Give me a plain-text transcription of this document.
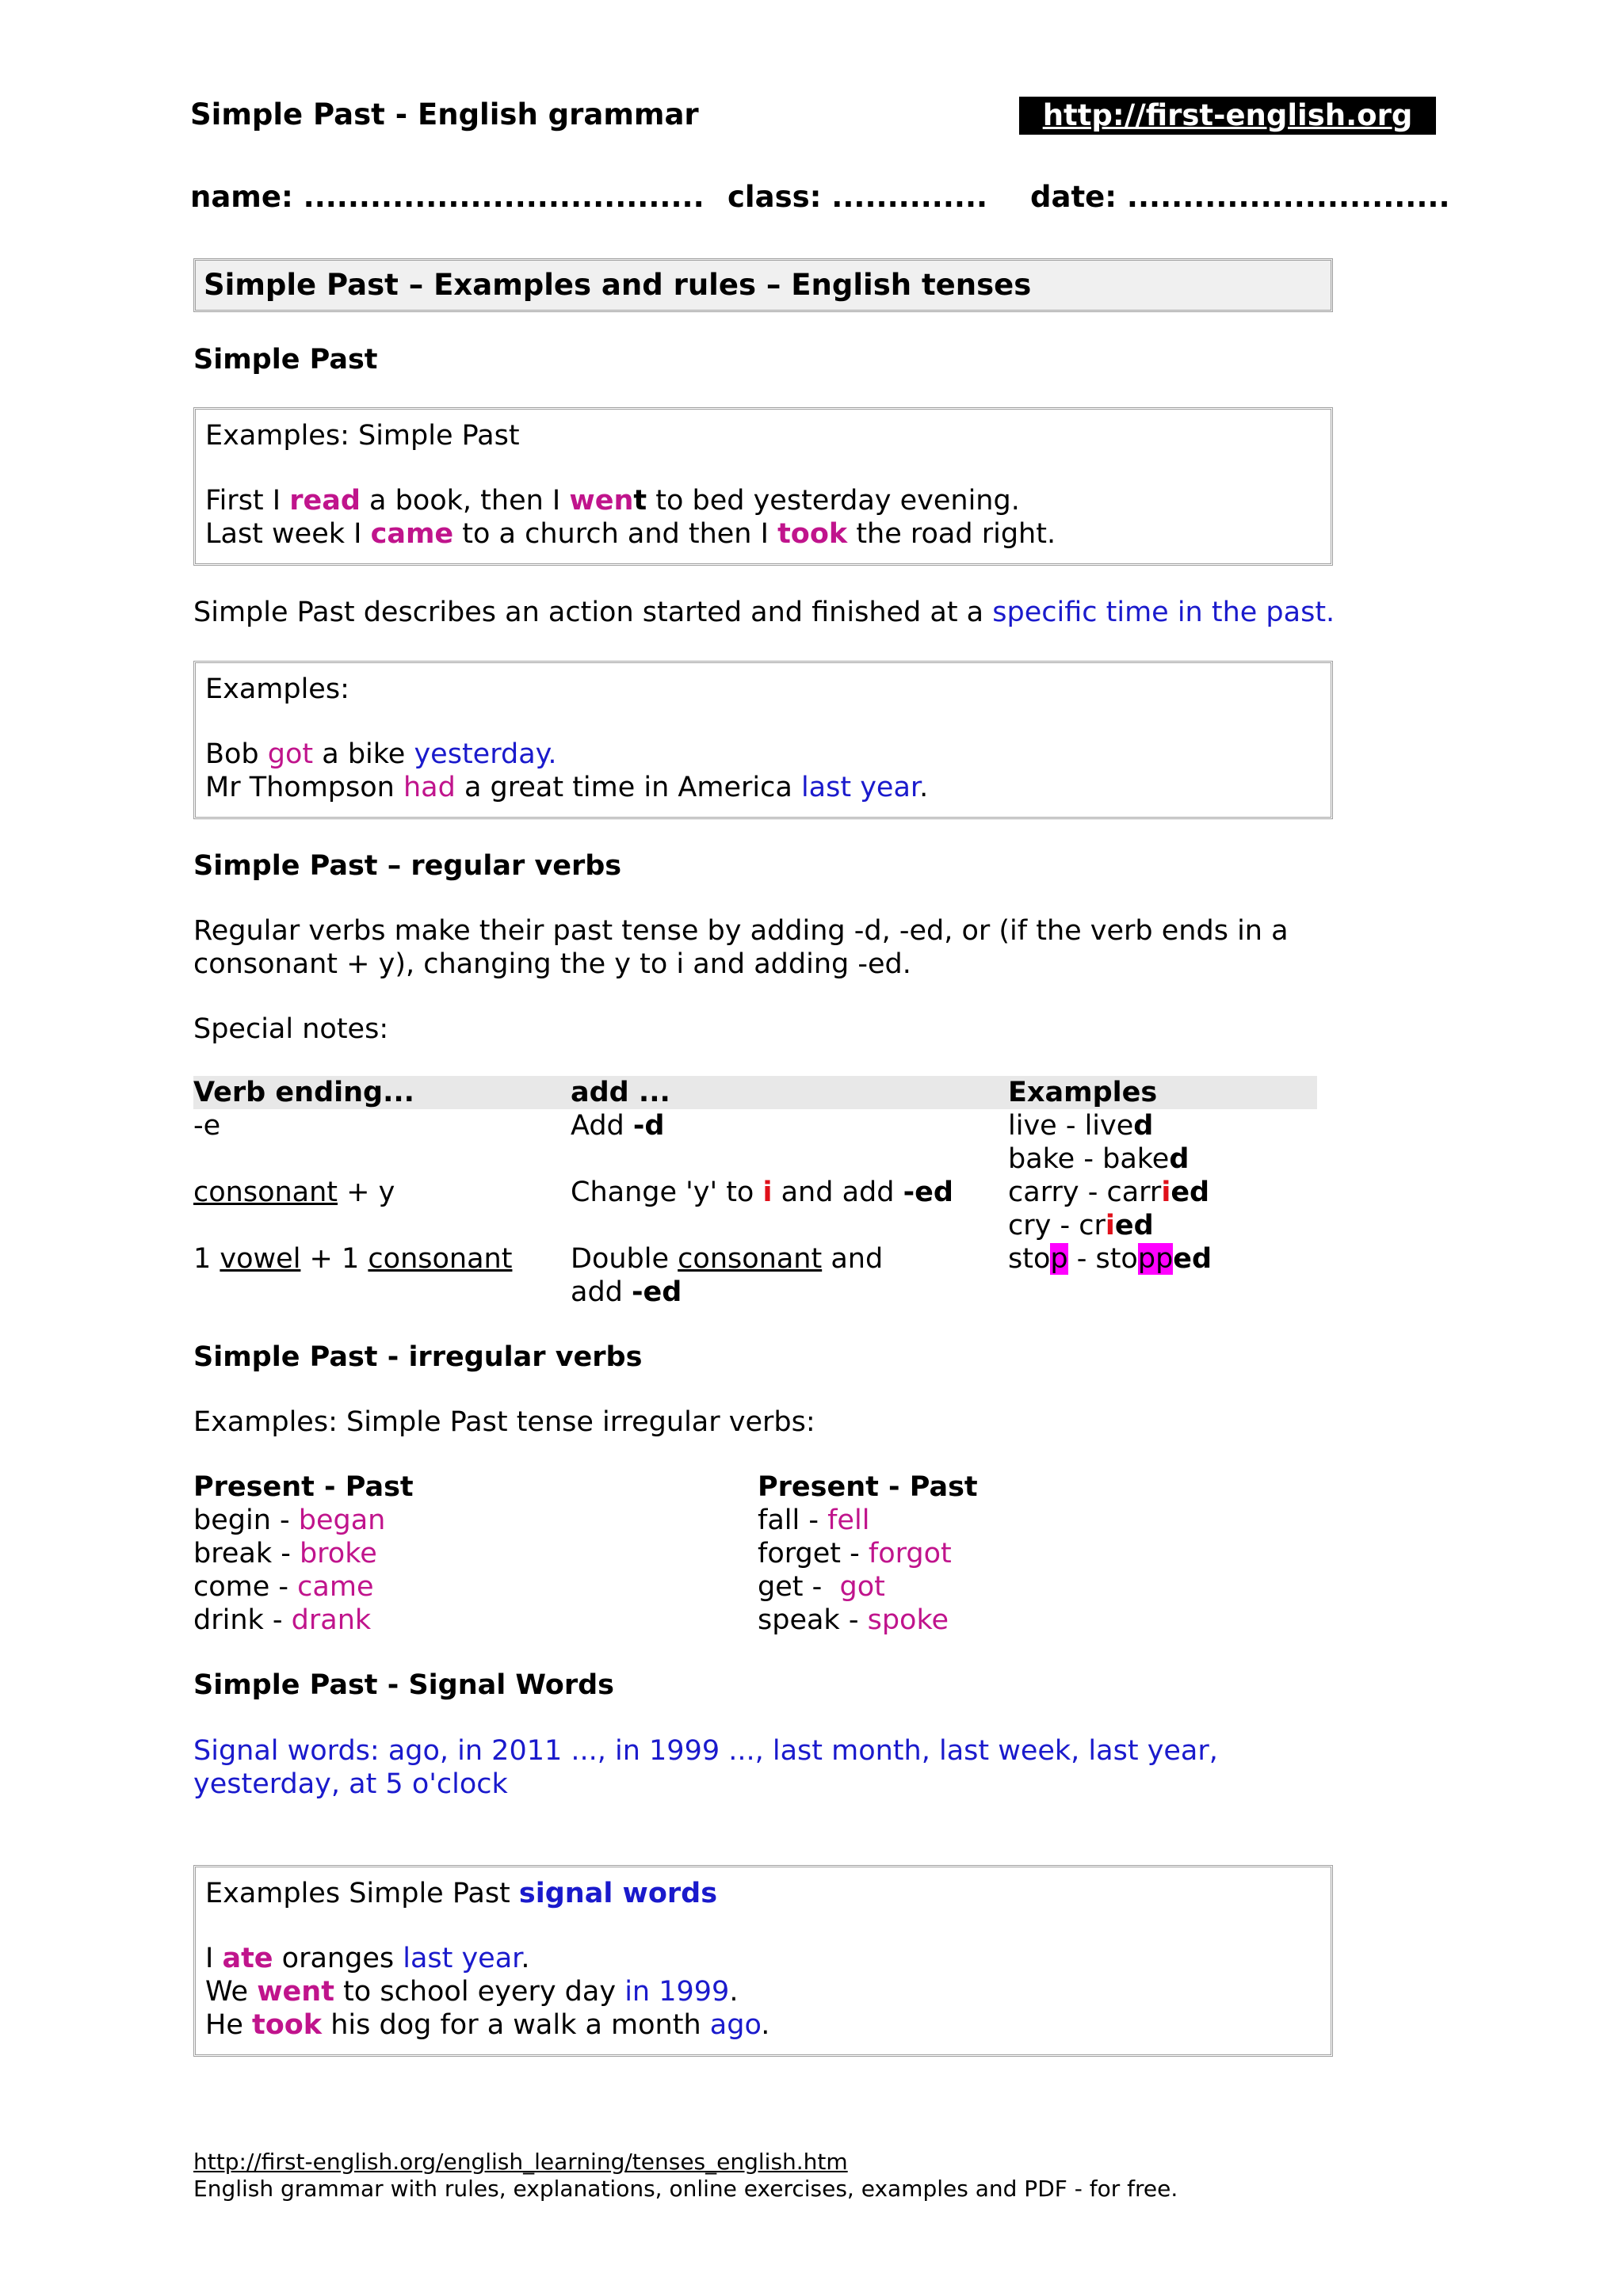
Simple Past - English grammar	http://first-english.org
name: .................................... class: .............. date: .............................
Simple Past – Examples and rules – English tenses
Simple Past
Examples: Simple Past
First I read a book, then I went to bed yesterday evening.
Last week I came to a church and then I took the road right.
Simple Past describes an action started and finished at a specific time in the past.
Examples:
Bob got a bike yesterday.
Mr Thompson had a great time in America last year.
Simple Past – regular verbs
Regular verbs make their past tense by adding -d, -ed, or (if the verb ends in a
consonant + y), changing the y to i and adding -ed.
Special notes:
Verb ending...	add ...	Examples
-e	Add -d	live - lived
bake - baked

consonant + y	Change 'y' to i and add -ed	carry - carried
cry - cried

1 vowel + 1 consonant	Double consonant and
add -ed	stop - stopped
Simple Past - irregular verbs
Examples: Simple Past tense irregular verbs:
Present - Past
begin - began
break - broke
come - came
drink - drank
Present - Past
fall - fell
forget - forgot
get -  got
speak - spoke
Simple Past - Signal Words
Signal words: ago, in 2011 ..., in 1999 ..., last month, last week, last year,
yesterday, at 5 o'clock
Examples Simple Past signal words
I ate oranges last year.
We went to school eyery day in 1999.
He took his dog for a walk a month ago.
http://first-english.org/english_learning/tenses_english.htm
English grammar with rules, explanations, online exercises, examples and PDF - for free.
